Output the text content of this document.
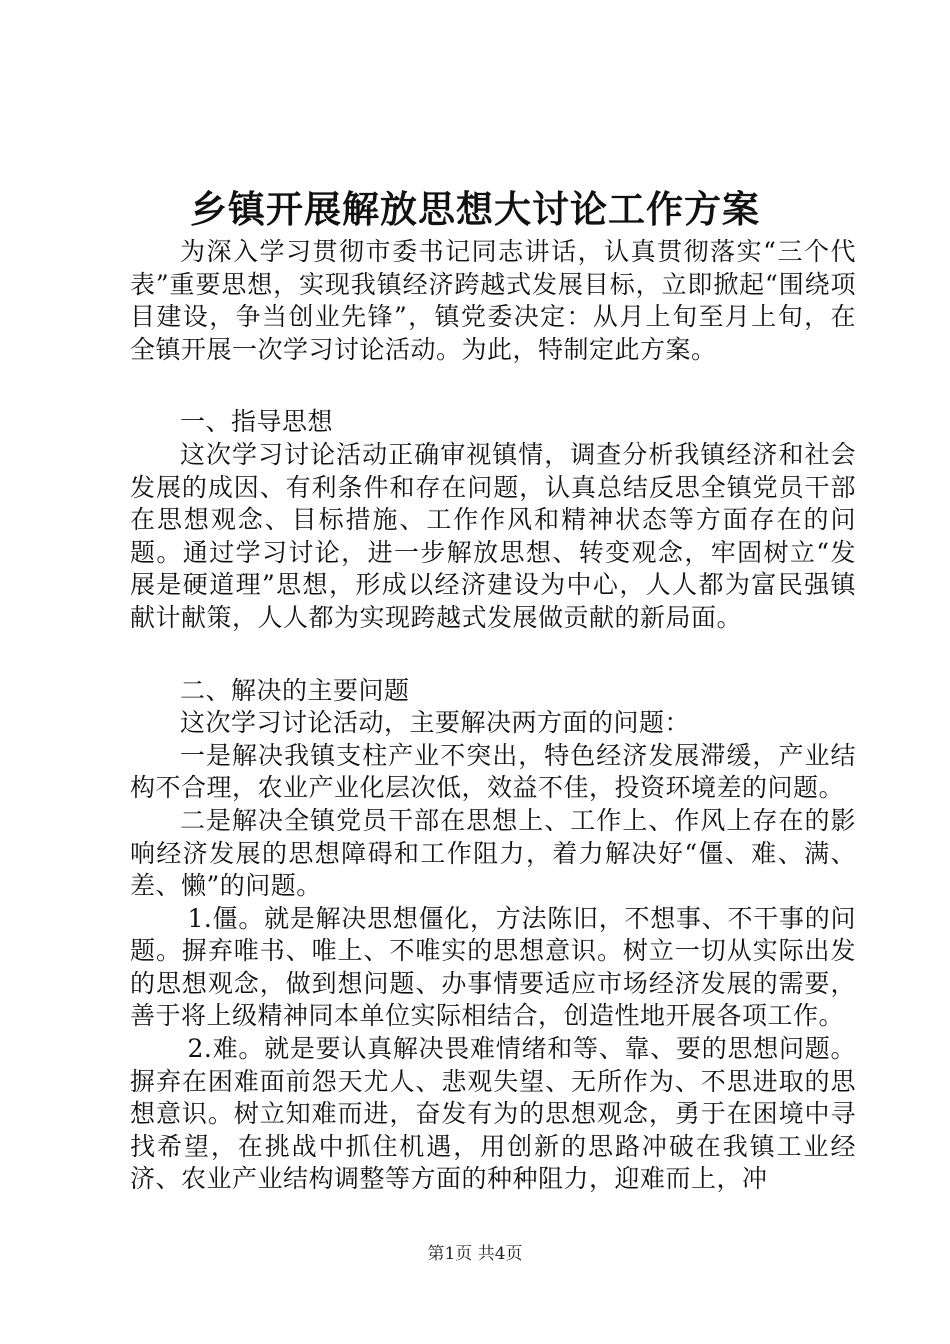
乡镇开展解放思想大讨论工作方案

为深入学习贯彻市委书记同志讲话，认真贯彻落实“三个代表”重要思想，实现我镇经济跨越式发展目标，立即掀起“围绕项目建设，争当创业先锋”，镇党委决定：从月上旬至月上旬，在全镇开展一次学习讨论活动。为此，特制定此方案。

一、指导思想

这次学习讨论活动正确审视镇情，调查分析我镇经济和社会发展的成因、有利条件和存在问题，认真总结反思全镇党员干部在思想观念、目标措施、工作作风和精神状态等方面存在的问题。通过学习讨论，进一步解放思想、转变观念，牢固树立“发展是硬道理”思想，形成以经济建设为中心，人人都为富民强镇献计献策，人人都为实现跨越式发展做贡献的新局面。

二、解决的主要问题

这次学习讨论活动，主要解决两方面的问题：

一是解决我镇支柱产业不突出，特色经济发展滞缓，产业结构不合理，农业产业化层次低，效益不佳，投资环境差的问题。

二是解决全镇党员干部在思想上、工作上、作风上存在的影响经济发展的思想障碍和工作阻力，着力解决好“僵、难、满、差、懒”的问题。

1.僵。就是解决思想僵化，方法陈旧，不想事、不干事的问题。摒弃唯书、唯上、不唯实的思想意识。树立一切从实际出发的思想观念，做到想问题、办事情要适应市场经济发展的需要，善于将上级精神同本单位实际相结合，创造性地开展各项工作。

2.难。就是要认真解决畏难情绪和等、靠、要的思想问题。摒弃在困难面前怨天尤人、悲观失望、无所作为、不思进取的思想意识。树立知难而进，奋发有为的思想观念，勇于在困境中寻找希望，在挑战中抓住机遇，用创新的思路冲破在我镇工业经济、农业产业结构调整等方面的种种阻力，迎难而上，冲

第1页 共4页
